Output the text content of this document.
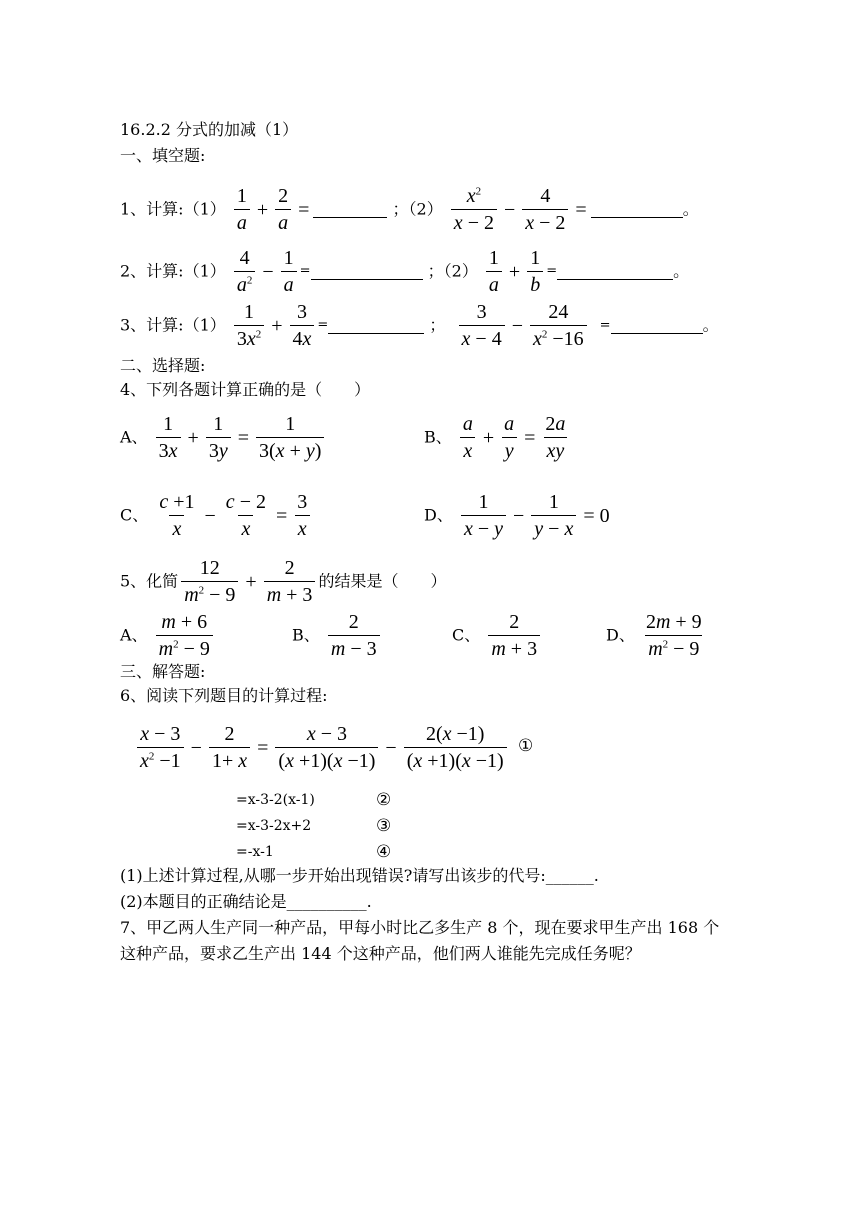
16.2.2 分式的加减（1）
一、填空题:
1、计算:（1） $\frac{1}{a} + \frac{2}{a}$ =	；$(2) \frac{x^2}{x - 2} - \frac{4}{x - 2}$ =	。
2、计算:（1） $\frac{4}{a^2} - \frac{1}{a}$ =	；$(2) \frac{1}{a} + \frac{1}{b}$ =	。
3、计算:（1） $\frac{1}{3x^2} + \frac{3}{4x}$ =	； $\frac{3}{x - 4} - \frac{24}{x^2 -16}$ =	。
二、选择题:
4、下列各题计算正确的是（　　）
A、 $\frac{1}{3x} + \frac{1}{3y} = \frac{1}{3(x + y)}$	B、 $\frac{a}{x} + \frac{a}{y} = \frac{2a}{xy}$
C、 $\frac{c +1}{x} - \frac{c - 2}{x} = \frac{3}{x}$	D、 $\frac{1}{x - y} - \frac{1}{y - x} = 0$
5、化简 $\frac{12}{m^2 - 9} + \frac{2}{m + 3}$ 的结果是（　　）
A、 $\frac{m + 6}{m^2 - 9}$	B、 $\frac{2}{m - 3}$	C、 $\frac{2}{m + 3}$	D、 $\frac{2m + 9}{m^2 - 9}$
三、解答题:
6、阅读下列题目的计算过程:
$\frac{x - 3}{x^2 -1} - \frac{2}{1+ x} = \frac{x - 3}{(x +1)(x -1)} - \frac{2(x -1)}{(x +1)(x -1)}$ ①
=x-3-2(x-1)	②
=x-3-2x+2	③
=-x-1	④
(1)上述计算过程,从哪一步开始出现错误?请写出该步的代号:______.
(2)本题目的正确结论是__________.
7、甲乙两人生产同一种产品，甲每小时比乙多生产 8 个，现在要求甲生产出 168 个
这种产品，要求乙生产出 144 个这种产品，他们两人谁能先完成任务呢？
